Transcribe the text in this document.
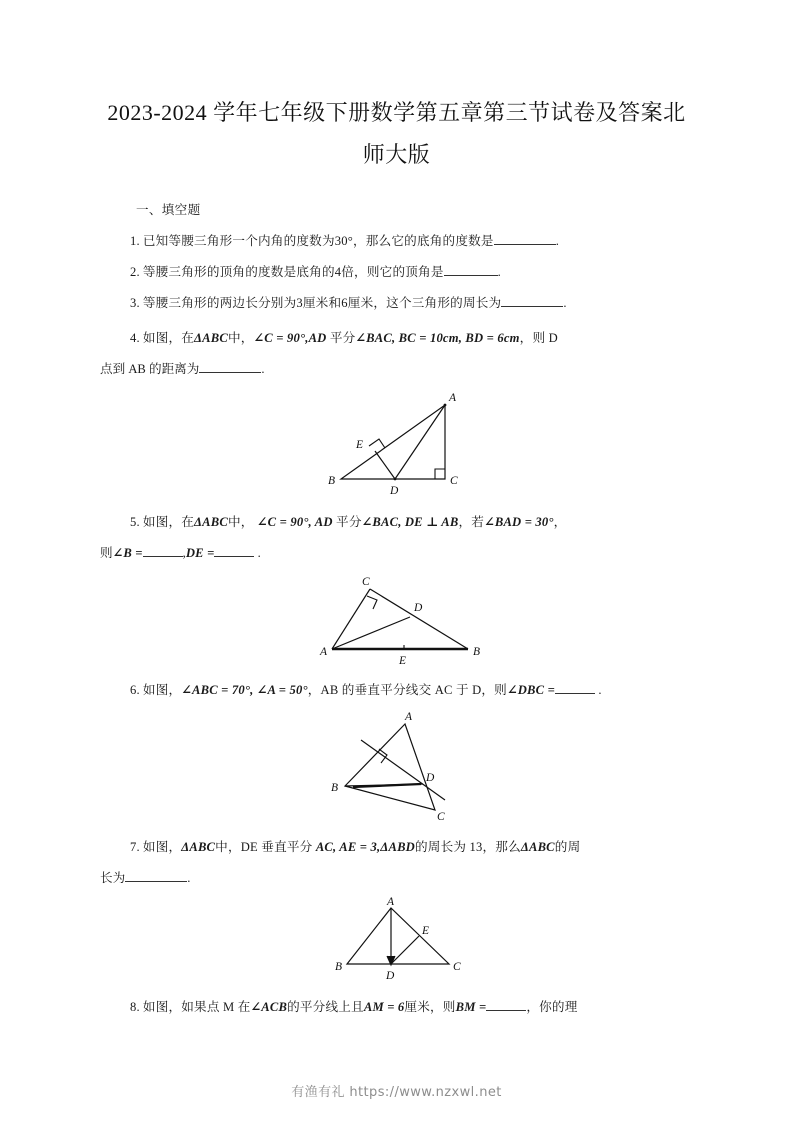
2023-2024 学年七年级下册数学第五章第三节试卷及答案北
师大版

一、填空题

1. 已知等腰三角形一个内角的度数为30°，那么它的底角的度数是	.

2. 等腰三角形的顶角的度数是底角的4倍，则它的顶角是	.

3. 等腰三角形的两边长分别为3厘米和6厘米，这个三角形的周长为	.

4. 如图，在ΔABC中，∠C = 90°,AD 平分∠BAC, BC = 10cm, BD = 6cm，则 D

点到 AB 的距离为	.

A
B	C
D
E

5. 如图，在ΔABC中， ∠C = 90°, AD 平分∠BAC, DE ⊥ AB，若∠BAD = 30°，

则∠B =	,DE =	.

C
D
A	B
E

6. 如图，∠ABC = 70°, ∠A = 50°，AB 的垂直平分线交 AC 于 D，则∠DBC =	.

A
B
C
D

7. 如图，ΔABC中，DE 垂直平分 AC, AE = 3,ΔABD的周长为 13，那么ΔABC的周

长为	.

A
B	C
D
E

8. 如图，如果点 M 在∠ACB的平分线上且AM = 6厘米，则BM =	，你的理

有渔有礼 https://www.nzxwl.net
